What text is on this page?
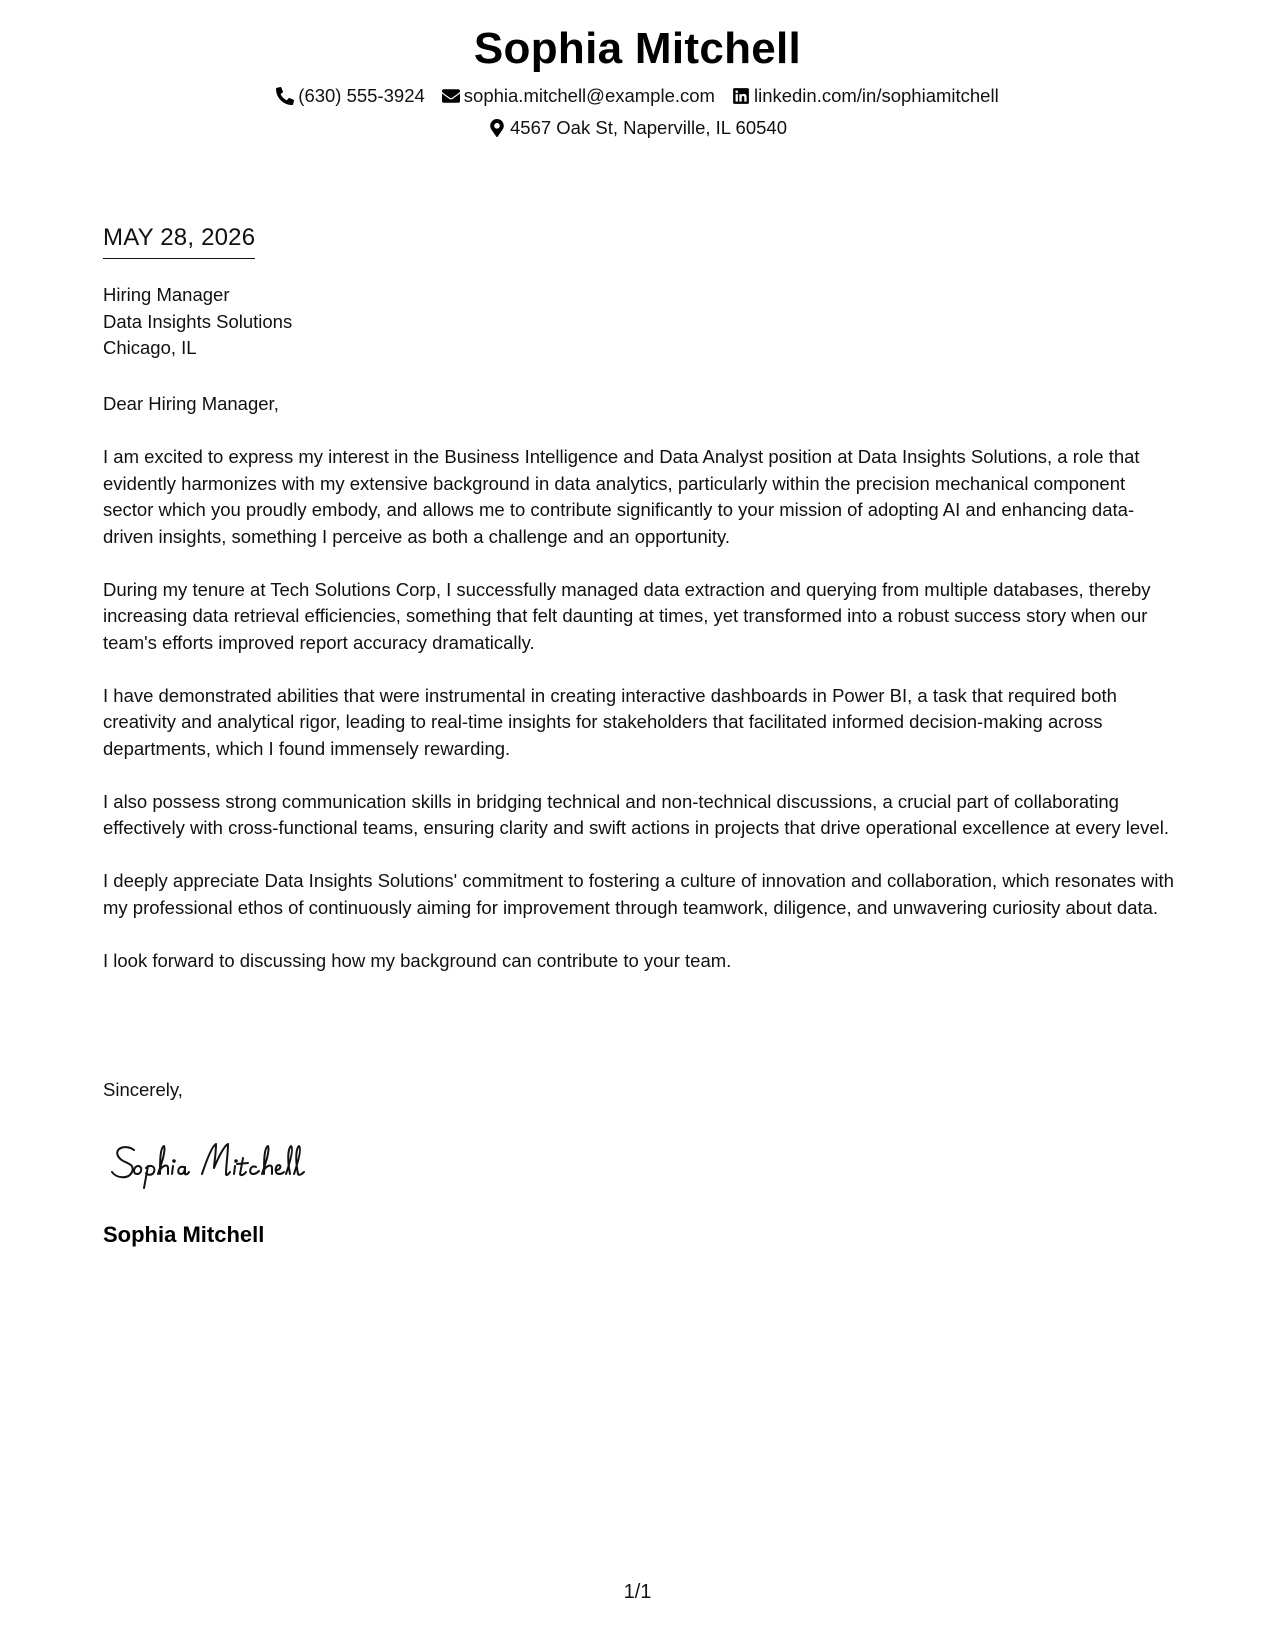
Sophia Mitchell
(630) 555-3924 sophia.mitchell@example.com linkedin.com/in/sophiamitchell
4567 Oak St, Naperville, IL 60540
MAY 28, 2026
Hiring Manager
Data Insights Solutions
Chicago, IL

Dear Hiring Manager,

I am excited to express my interest in the Business Intelligence and Data Analyst position at Data Insights Solutions, a role that evidently harmonizes with my extensive background in data analytics, particularly within the precision mechanical component sector which you proudly embody, and allows me to contribute significantly to your mission of adopting AI and enhancing data-driven insights, something I perceive as both a challenge and an opportunity.

During my tenure at Tech Solutions Corp, I successfully managed data extraction and querying from multiple databases, thereby increasing data retrieval efficiencies, something that felt daunting at times, yet transformed into a robust success story when our team's efforts improved report accuracy dramatically.

I have demonstrated abilities that were instrumental in creating interactive dashboards in Power BI, a task that required both creativity and analytical rigor, leading to real-time insights for stakeholders that facilitated informed decision-making across departments, which I found immensely rewarding.

I also possess strong communication skills in bridging technical and non-technical discussions, a crucial part of collaborating effectively with cross-functional teams, ensuring clarity and swift actions in projects that drive operational excellence at every level.

I deeply appreciate Data Insights Solutions' commitment to fostering a culture of innovation and collaboration, which resonates with my professional ethos of continuously aiming for improvement through teamwork, diligence, and unwavering curiosity about data.

I look forward to discussing how my background can contribute to your team.

Sincerely,
Sophia Mitchell
1/1
